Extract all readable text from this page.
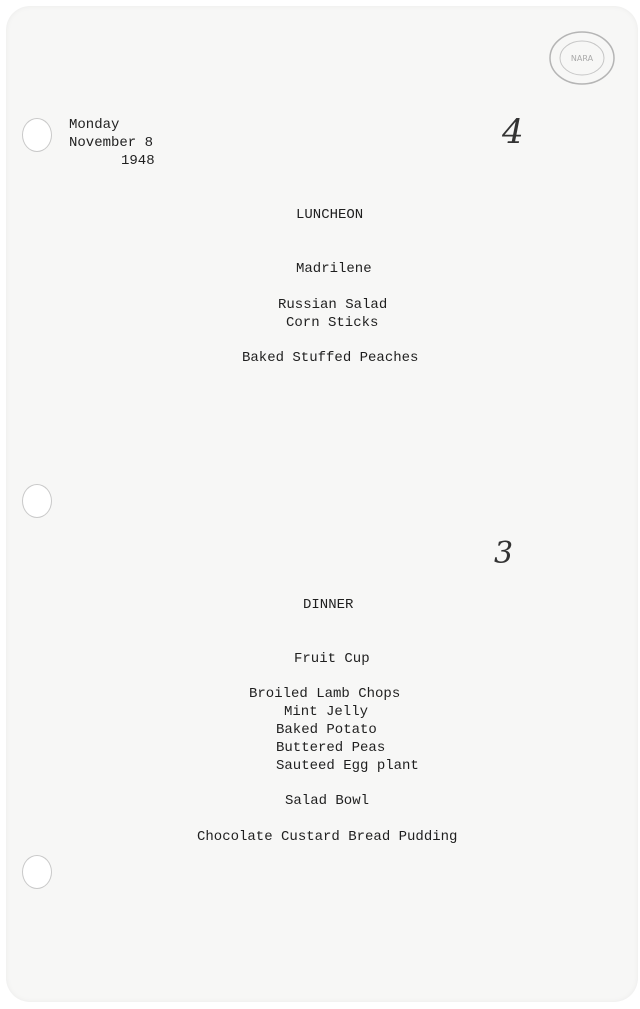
NARA
Monday
November 8
1948
4
3
LUNCHEON
Madrilene
Russian Salad
Corn Sticks
Baked Stuffed Peaches
DINNER
Fruit Cup
Broiled Lamb Chops
Mint Jelly
Baked Potato
Buttered Peas
Sauteed Egg plant
Salad Bowl
Chocolate Custard Bread Pudding
